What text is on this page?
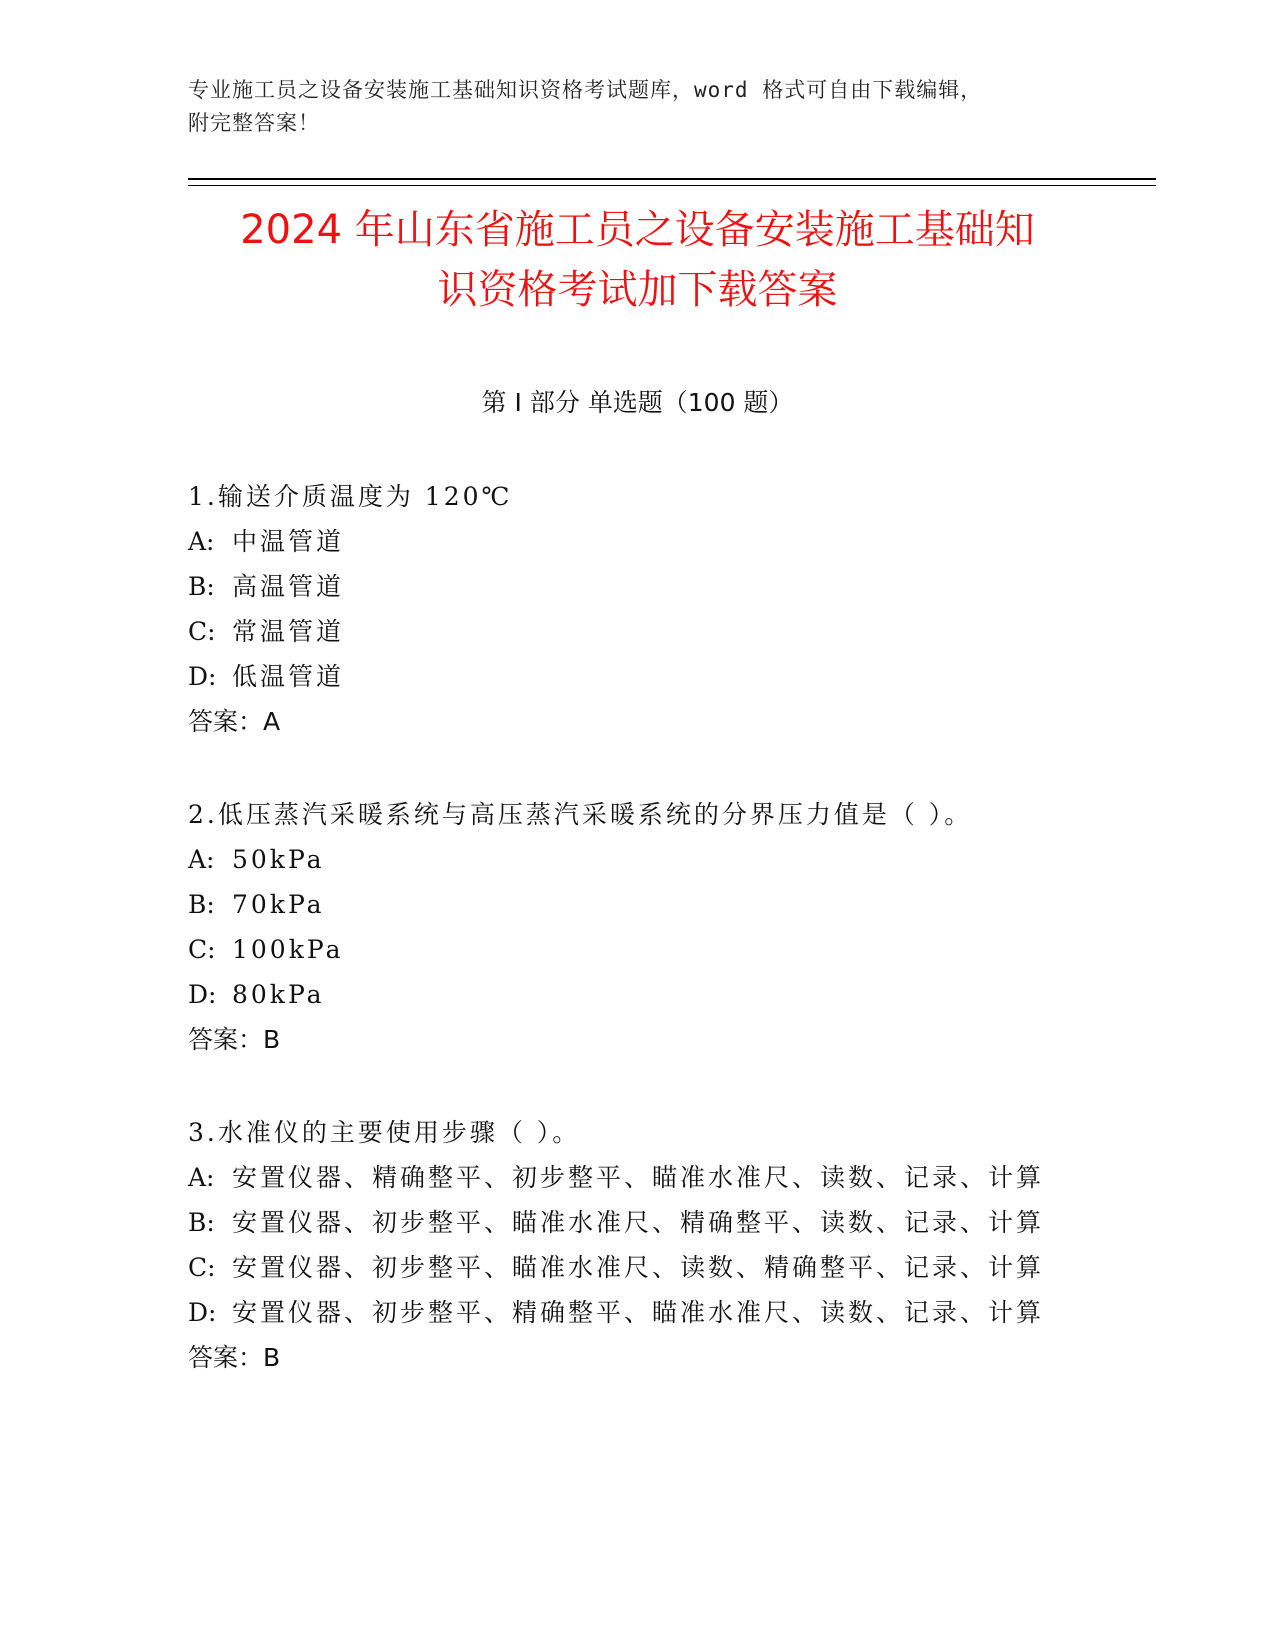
专业施工员之设备安装施工基础知识资格考试题库，word 格式可自由下载编辑，
附完整答案！
2024 年山东省施工员之设备安装施工基础知
识资格考试加下载答案
第 I 部分 单选题（100 题）
1.输送介质温度为 120℃
A: 中温管道
B: 高温管道
C: 常温管道
D: 低温管道
答案：A
2.低压蒸汽采暖系统与高压蒸汽采暖系统的分界压力值是（ ）。
A: 50kPa
B: 70kPa
C: 100kPa
D: 80kPa
答案：B
3.水准仪的主要使用步骤（ ）。
A: 安置仪器、精确整平、初步整平、瞄准水准尺、读数、记录、计算
B: 安置仪器、初步整平、瞄准水准尺、精确整平、读数、记录、计算
C: 安置仪器、初步整平、瞄准水准尺、读数、精确整平、记录、计算
D: 安置仪器、初步整平、精确整平、瞄准水准尺、读数、记录、计算
答案：B
